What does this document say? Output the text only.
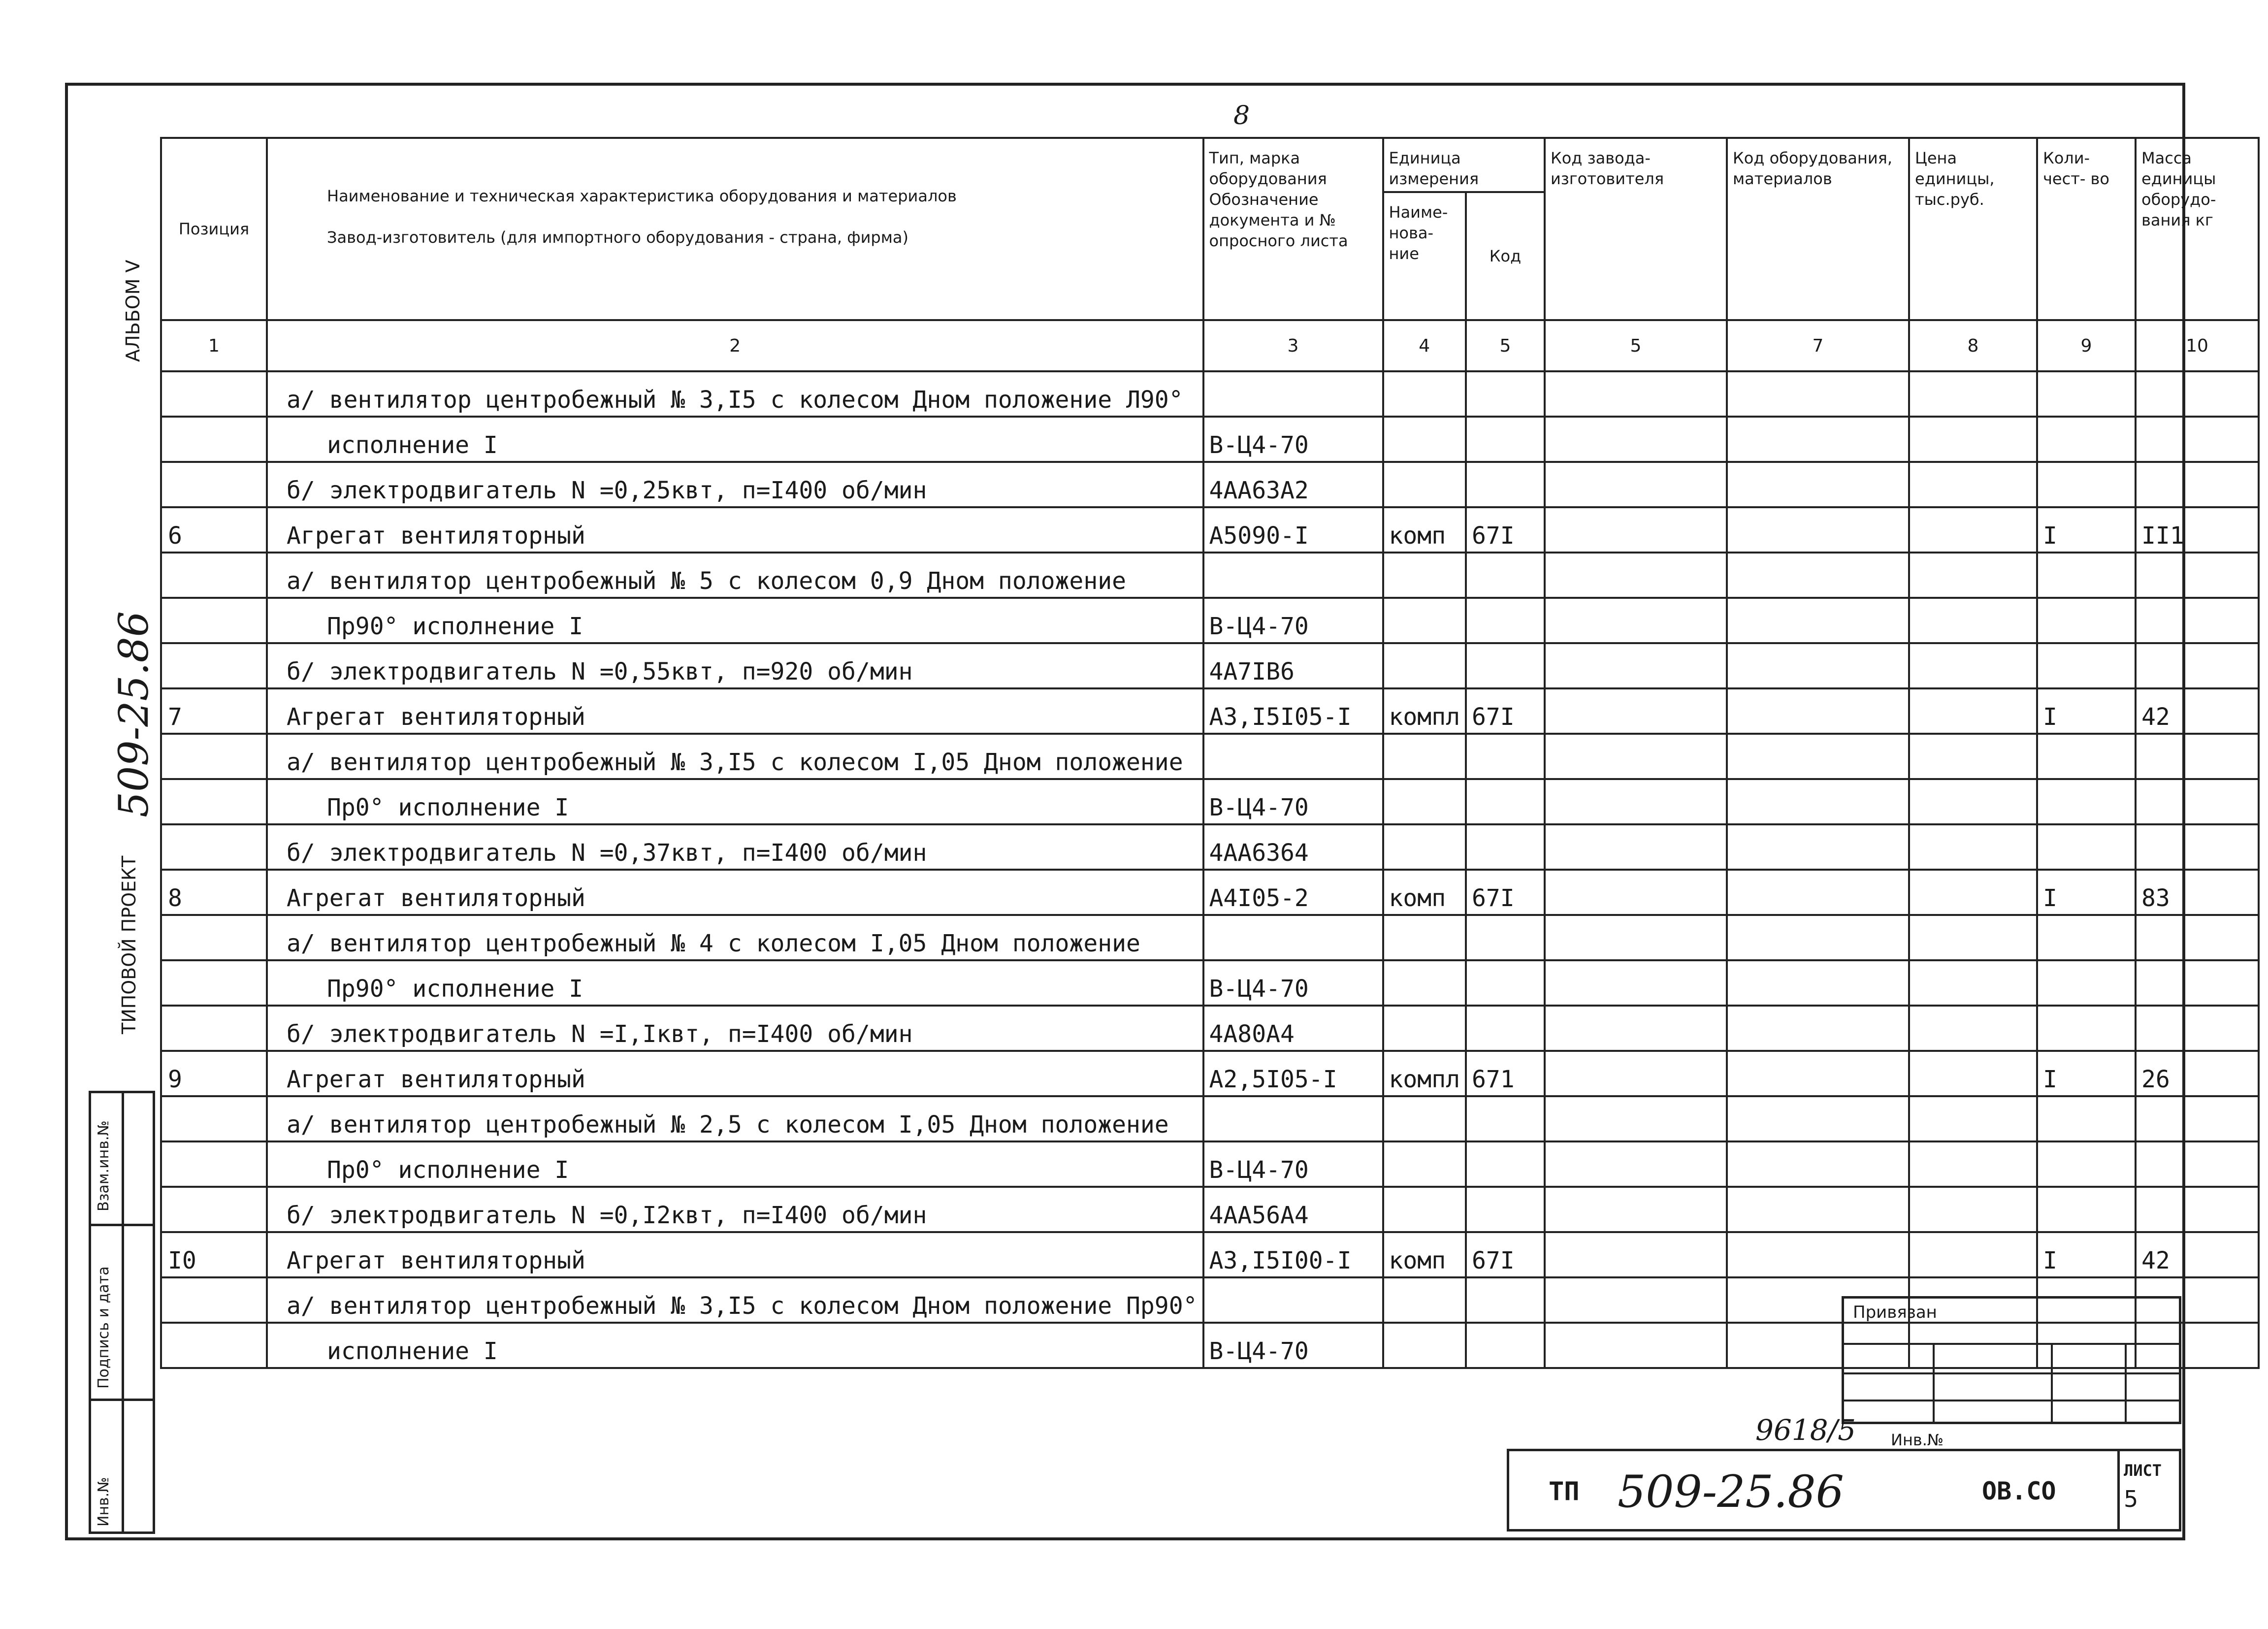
8
АЛЬБОМ V
509-25.86
ТИПОВОЙ ПРОЕКТ
Взам.инв.№
Подпись и дата
Инв.№
Позиция	Наименование и техническая характеристика оборудования и материалов
Завод-изготовитель (для импортного оборудования - страна, фирма)	Тип, марка оборудования Обозначение документа и № опросного листа	Единица измерения		Код завода- изготовителя	Код оборудования, материалов	Цена единицы, тыс.руб.	Коли- чест- во	Масса единицы оборудо- вания кг
			Наиме- нова- ние	Код					
1	2	3	4	5	5	7	8	9	10
	а/ вентилятор центробежный № 3,I5 с колесом Дном положение Л90°								
	исполнение I	В-Ц4-70							
	б/ электродвигатель N =0,25квт, п=I400 об/мин	4АА63А2							
6	Агрегат вентиляторный	А5090-I	комп	67I				I	II1
	а/ вентилятор центробежный № 5 с колесом 0,9 Дном положение								
	Пр90° исполнение I	В-Ц4-70							
	б/ электродвигатель N =0,55квт, п=920 об/мин	4А7IВ6							
7	Агрегат вентиляторный	А3,I5I05-I	компл	67I				I	42
	а/ вентилятор центробежный № 3,I5 с колесом I,05 Дном положение								
	Пр0° исполнение I	В-Ц4-70							
	б/ электродвигатель N =0,37квт, п=I400 об/мин	4АА6364							
8	Агрегат вентиляторный	А4I05-2	комп	67I				I	83
	а/ вентилятор центробежный № 4 с колесом I,05 Дном положение								
	Пр90° исполнение I	В-Ц4-70							
	б/ электродвигатель N =I,Iквт, п=I400 об/мин	4А80А4							
9	Агрегат вентиляторный	А2,5I05-I	компл	671				I	26
	а/ вентилятор центробежный № 2,5 с колесом I,05 Дном положение								
	Пр0° исполнение I	В-Ц4-70							
	б/ электродвигатель N =0,I2квт, п=I400 об/мин	4АА56А4							
I0	Агрегат вентиляторный	А3,I5I00-I	комп	67I				I	42
	а/ вентилятор центробежный № 3,I5 с колесом Дном положение Пр90°								
	исполнение I	В-Ц4-70							
Привязан
9618/5 Инв.№
ТП 509-25.86	ОВ.СО
ЛИСТ
5
